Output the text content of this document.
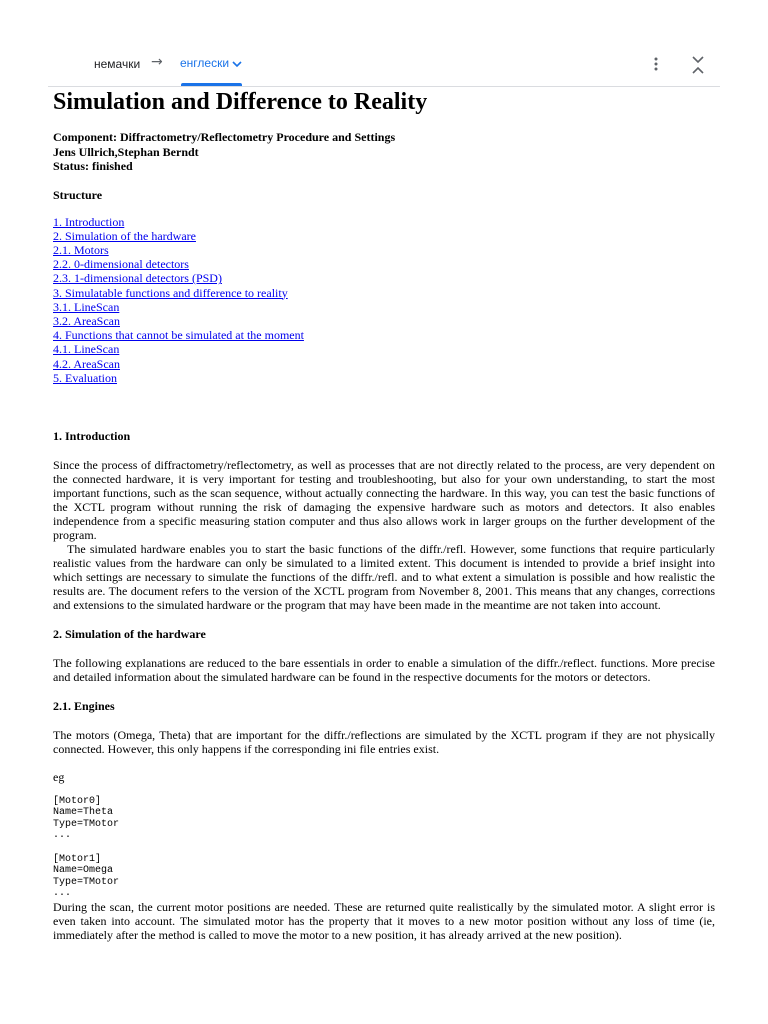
немачки → енглески
Simulation and Difference to Reality
Component: Diffractometry/Reflectometry Procedure and Settings
Jens Ullrich,Stephan Berndt
Status: finished
Structure
1. Introduction
2. Simulation of the hardware
2.1. Motors
2.2. 0-dimensional detectors
2.3. 1-dimensional detectors (PSD)
3. Simulatable functions and difference to reality
3.1. LineScan
3.2. AreaScan
4. Functions that cannot be simulated at the moment
4.1. LineScan
4.2. AreaScan
5. Evaluation
1. Introduction

Since the process of diffractometry/reflectometry, as well as processes that are not directly related to the process, are very dependent on the connected hardware, it is very important for testing and troubleshooting, but also for your own understanding, to start the most important functions, such as the scan sequence, without actually connecting the hardware. In this way, you can test the basic functions of the XCTL program without running the risk of damaging the expensive hardware such as motors and detectors. It also enables independence from a specific measuring station computer and thus also allows work in larger groups on the further development of the program.

The simulated hardware enables you to start the basic functions of the diffr./refl. However, some functions that require particularly realistic values from the hardware can only be simulated to a limited extent. This document is intended to provide a brief insight into which settings are necessary to simulate the functions of the diffr./refl. and to what extent a simulation is possible and how realistic the results are. The document refers to the version of the XCTL program from November 8, 2001. This means that any changes, corrections and extensions to the simulated hardware or the program that may have been made in the meantime are not taken into account.

2. Simulation of the hardware

The following explanations are reduced to the bare essentials in order to enable a simulation of the diffr./reflect. functions. More precise and detailed information about the simulated hardware can be found in the respective documents for the motors or detectors.

2.1. Engines

The motors (Omega, Theta) that are important for the diffr./reflections are simulated by the XCTL program if they are not physically connected. However, this only happens if the corresponding ini file entries exist.

eg

[Motor0]
Name=Theta
Type=TMotor
...
[Motor1]
Name=Omega
Type=TMotor
...

During the scan, the current motor positions are needed. These are returned quite realistically by the simulated motor. A slight error is even taken into account. The simulated motor has the property that it moves to a new motor position without any loss of time (ie, immediately after the method is called to move the motor to a new position, it has already arrived at the new position).
